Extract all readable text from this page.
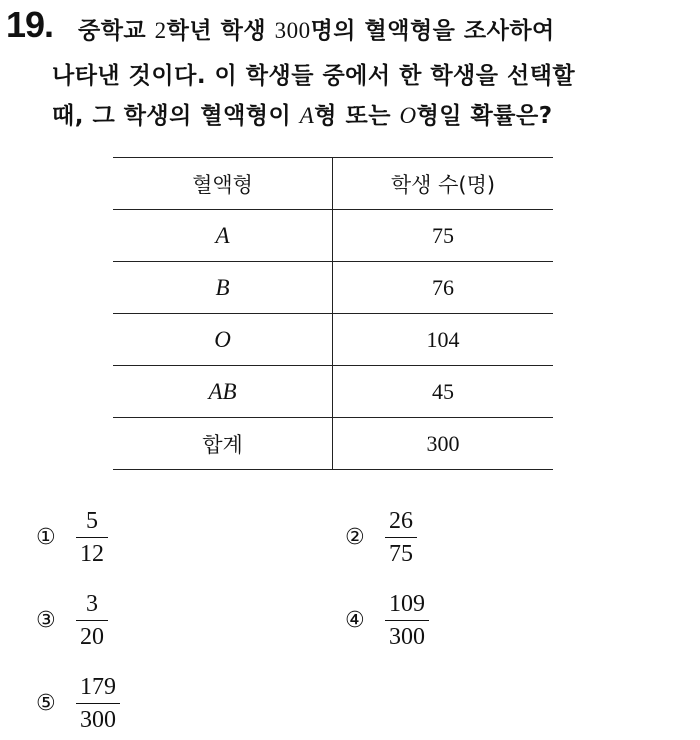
19. 중학교 2학년 학생 300명의 혈액형을 조사하여
나타낸 것이다. 이 학생들 중에서 한 학생을 선택할
때, 그 학생의 혈액형이 A형 또는 O형일 확률은?
혈액형	학생 수(명)
A	75
B	76
O	104
AB	45
합계	300
① $\frac{5}{12}$	② $\frac{26}{75}$
③ $\frac{3}{20}$	④ $\frac{109}{300}$
⑤ $\frac{179}{300}$
